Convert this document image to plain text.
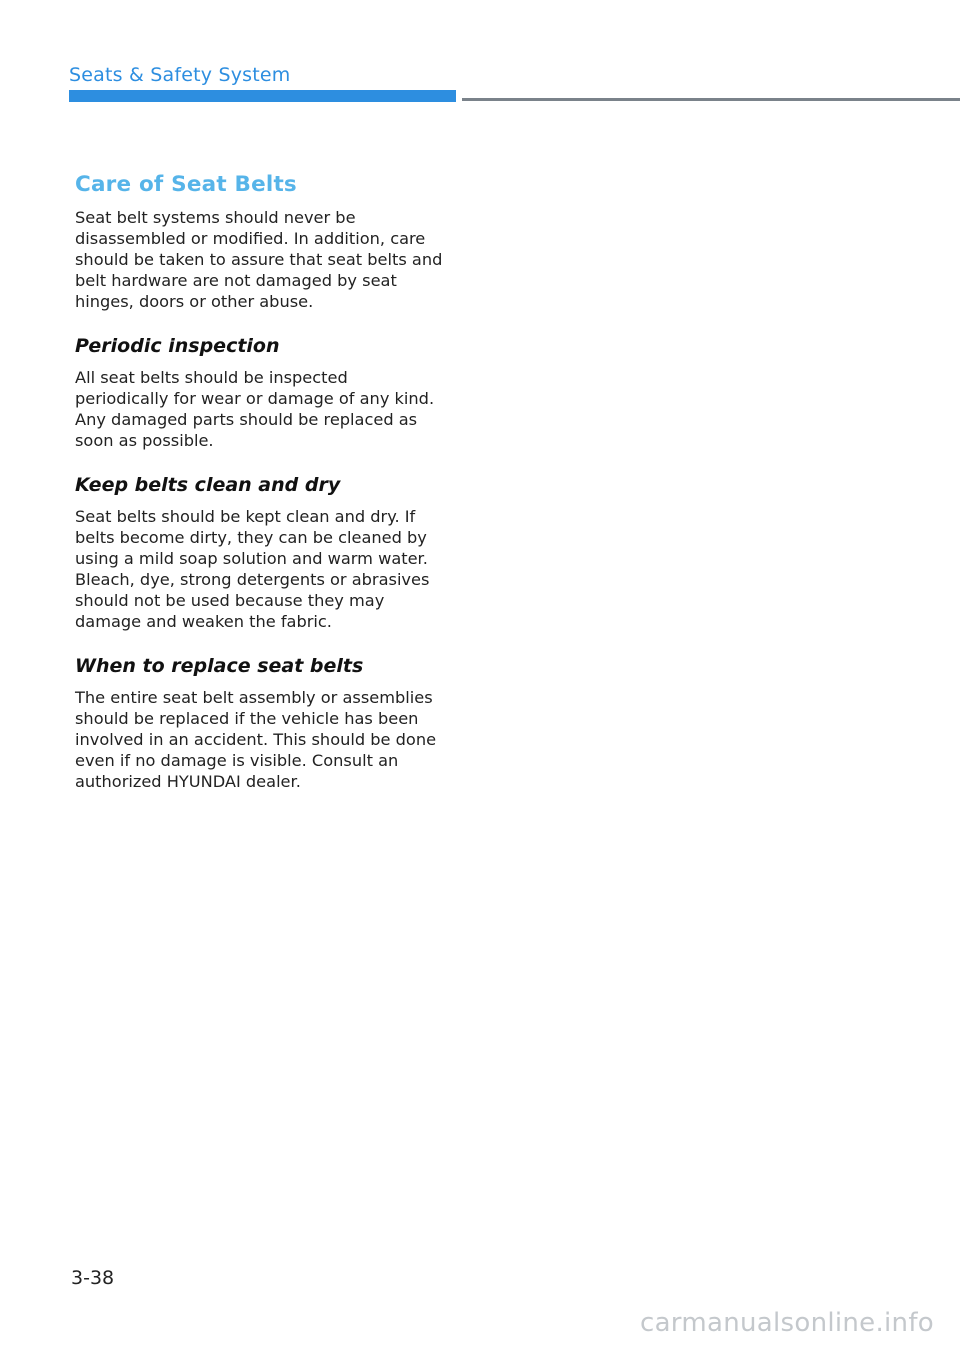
Seats & Safety System
Care of Seat Belts

Seat belt systems should never be disassembled or modified. In addition, care should be taken to assure that seat belts and belt hardware are not damaged by seat hinges, doors or other abuse.

Periodic inspection

All seat belts should be inspected periodically for wear or damage of any kind. Any damaged parts should be replaced as soon as possible.

Keep belts clean and dry

Seat belts should be kept clean and dry. If belts become dirty, they can be cleaned by using a mild soap solution and warm water. Bleach, dye, strong detergents or abrasives should not be used because they may damage and weaken the fabric.

When to replace seat belts

The entire seat belt assembly or assemblies should be replaced if the vehicle has been involved in an accident. This should be done even if no damage is visible. Consult an authorized HYUNDAI dealer.

3-38
carmanualsonline.info
